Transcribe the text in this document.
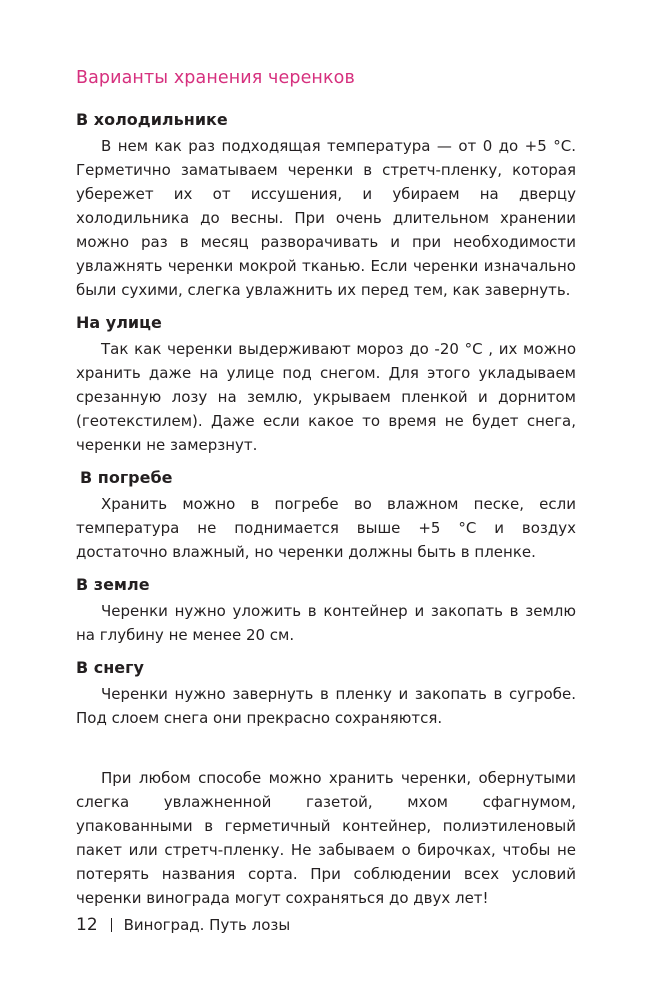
Варианты хранения черенков
В холодильнике

В нем как раз подходящая температура — от 0 до +5 °С. Герметично заматываем черенки в стретч-пленку, которая убережет их от иссушения, и убираем на дверцу холодильника до весны. При очень длительном хранении можно раз в месяц разворачивать и при необходимости увлажнять черенки мокрой тканью. Если черенки изначально были сухими, слегка увлажнить их перед тем, как завернуть.

На улице

Так как черенки выдерживают мороз до -20 °С , их можно хранить даже на улице под снегом. Для этого укладываем срезанную лозу на землю, укрываем пленкой и дорнитом (геотекстилем). Даже если какое то время не будет снега, черенки не замерзнут.

В погребе

Хранить можно в погребе во влажном песке, если температура не поднимается выше +5 °С и воздух достаточно влажный, но черенки должны быть в пленке.

В земле

Черенки нужно уложить в контейнер и закопать в землю на глубину не менее 20 см.

В снегу

Черенки нужно завернуть в пленку и закопать в сугробе. Под слоем снега они прекрасно сохраняются.

При любом способе можно хранить черенки, обернутыми слегка увлажненной газетой, мхом сфагнумом, упакованными в герметичный контейнер, полиэтиленовый пакет или стретч-пленку. Не забываем о бирочках, чтобы не потерять названия сорта. При соблюдении всех условий черенки винограда могут сохраняться до двух лет!

12 Виноград. Путь лозы
